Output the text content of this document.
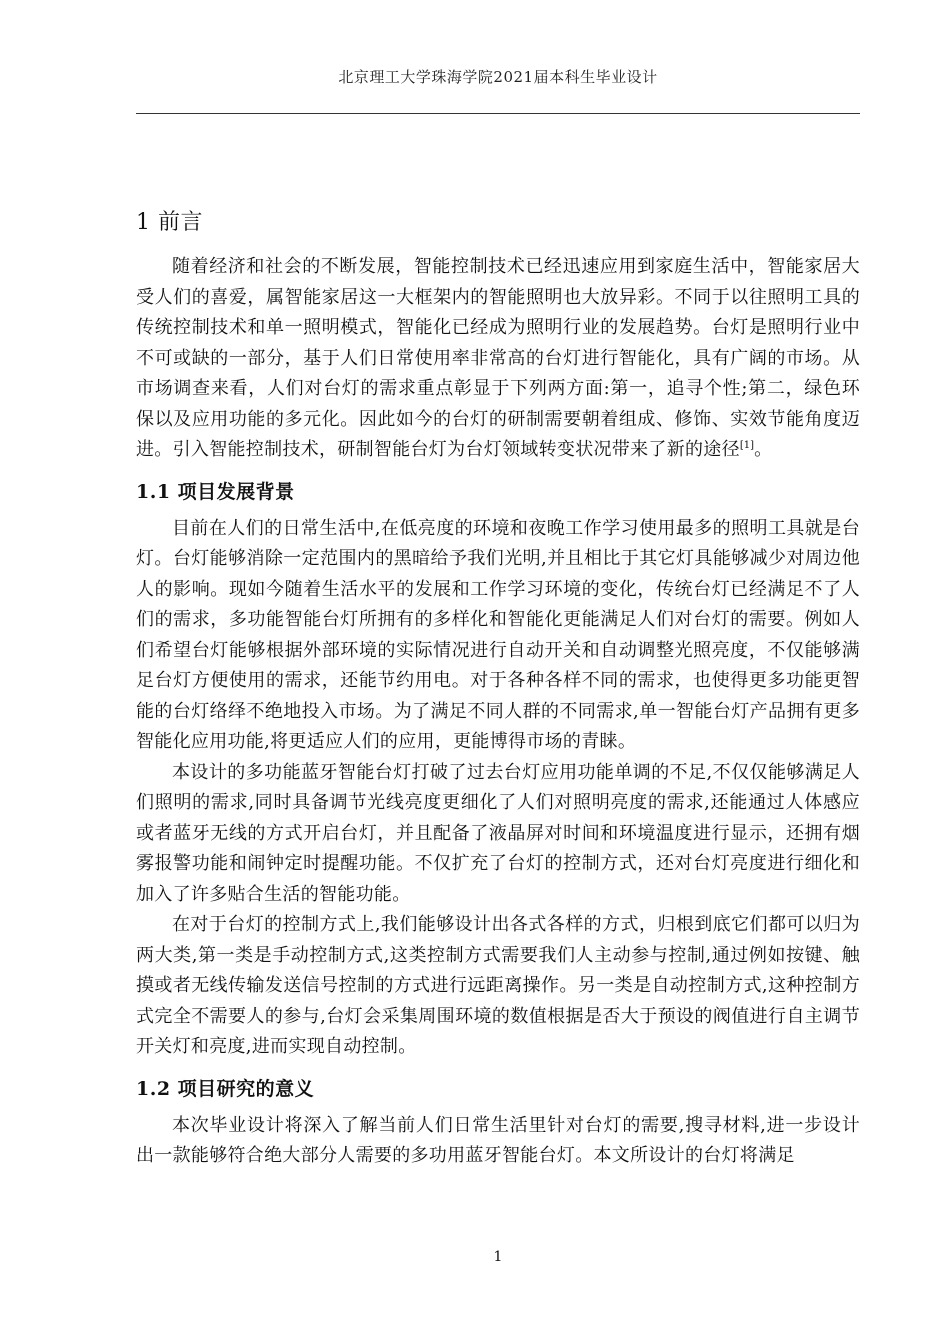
北京理工大学珠海学院2021届本科生毕业设计
1 前言

随着经济和社会的不断发展，智能控制技术已经迅速应用到家庭生活中，智能家居大受人们的喜爱，属智能家居这一大框架内的智能照明也大放异彩。不同于以往照明工具的传统控制技术和单一照明模式，智能化已经成为照明行业的发展趋势。台灯是照明行业中不可或缺的一部分，基于人们日常使用率非常高的台灯进行智能化，具有广阔的市场。从市场调查来看，人们对台灯的需求重点彰显于下列两方面:第一，追寻个性;第二，绿色环保以及应用功能的多元化。因此如今的台灯的研制需要朝着组成、修饰、实效节能角度迈进。引入智能控制技术，研制智能台灯为台灯领域转变状况带来了新的途径[1]。

1.1 项目发展背景

目前在人们的日常生活中,在低亮度的环境和夜晚工作学习使用最多的照明工具就是台灯。台灯能够消除一定范围内的黑暗给予我们光明,并且相比于其它灯具能够减少对周边他人的影响。现如今随着生活水平的发展和工作学习环境的变化，传统台灯已经满足不了人们的需求，多功能智能台灯所拥有的多样化和智能化更能满足人们对台灯的需要。例如人们希望台灯能够根据外部环境的实际情况进行自动开关和自动调整光照亮度，不仅能够满足台灯方便使用的需求，还能节约用电。对于各种各样不同的需求，也使得更多功能更智能的台灯络绎不绝地投入市场。为了满足不同人群的不同需求,单一智能台灯产品拥有更多智能化应用功能,将更适应人们的应用，更能博得市场的青睐。

本设计的多功能蓝牙智能台灯打破了过去台灯应用功能单调的不足,不仅仅能够满足人们照明的需求,同时具备调节光线亮度更细化了人们对照明亮度的需求,还能通过人体感应或者蓝牙无线的方式开启台灯，并且配备了液晶屏对时间和环境温度进行显示，还拥有烟雾报警功能和闹钟定时提醒功能。不仅扩充了台灯的控制方式，还对台灯亮度进行细化和加入了许多贴合生活的智能功能。

在对于台灯的控制方式上,我们能够设计出各式各样的方式，归根到底它们都可以归为两大类,第一类是手动控制方式,这类控制方式需要我们人主动参与控制,通过例如按键、触摸或者无线传输发送信号控制的方式进行远距离操作。另一类是自动控制方式,这种控制方式完全不需要人的参与,台灯会采集周围环境的数值根据是否大于预设的阀值进行自主调节开关灯和亮度,进而实现自动控制。

1.2 项目研究的意义

本次毕业设计将深入了解当前人们日常生活里针对台灯的需要,搜寻材料,进一步设计出一款能够符合绝大部分人需要的多功用蓝牙智能台灯。本文所设计的台灯将满足

1
